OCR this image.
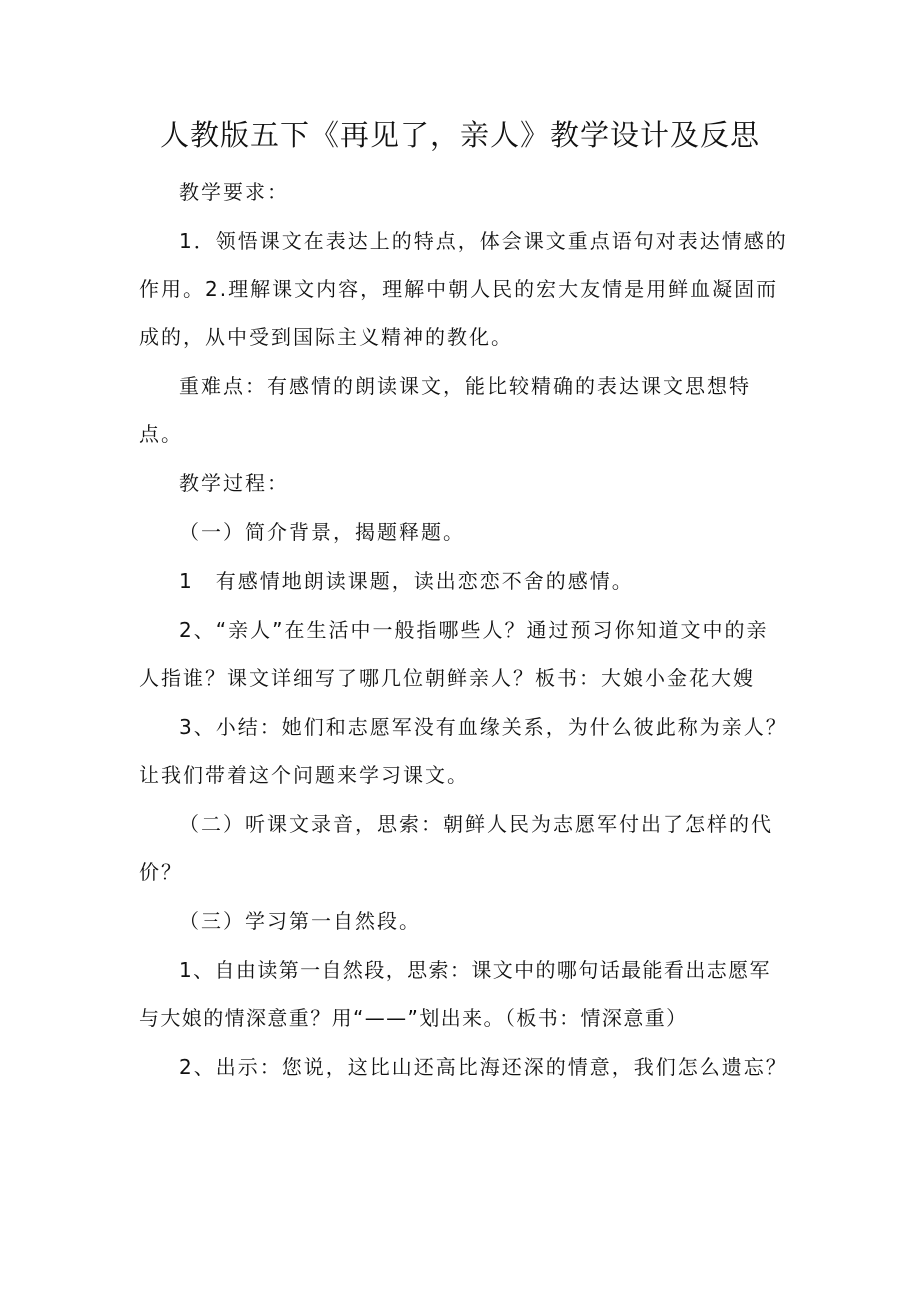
人教版五下《再见了，亲人》教学设计及反思

教学要求：

1．领悟课文在表达上的特点，体会课文重点语句对表达情感的作用。2.理解课文内容，理解中朝人民的宏大友情是用鲜血凝固而成的，从中受到国际主义精神的教化。

重难点：有感情的朗读课文，能比较精确的表达课文思想特点。

教学过程：

（一）简介背景，揭题释题。

1　有感情地朗读课题，读出恋恋不舍的感情。

2、“亲人”在生活中一般指哪些人？通过预习你知道文中的亲人指谁？课文详细写了哪几位朝鲜亲人？板书：大娘小金花大嫂

3、小结：她们和志愿军没有血缘关系，为什么彼此称为亲人？让我们带着这个问题来学习课文。

（二）听课文录音，思索：朝鲜人民为志愿军付出了怎样的代价？

（三）学习第一自然段。

1、自由读第一自然段，思索：课文中的哪句话最能看出志愿军与大娘的情深意重？用“——”划出来。（板书：情深意重）

2、出示：您说，这比山还高比海还深的情意，我们怎么遗忘？
